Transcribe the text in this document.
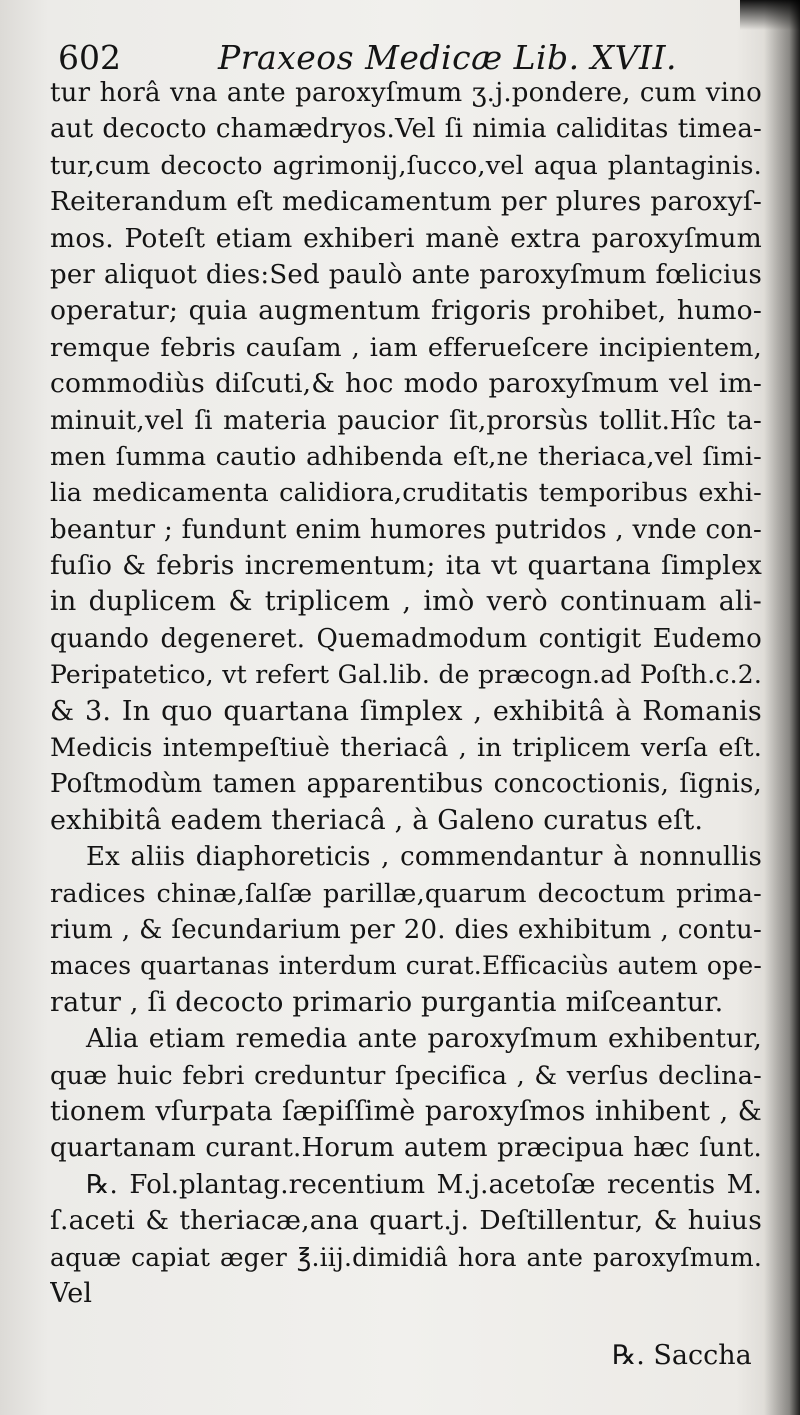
602	Praxeos Medicæ Lib. XVII.
tur horâ vna ante paroxyſmum ʒ.j.pondere, cum vino
aut decocto chamædryos.Vel ſi nimia caliditas timea-
tur,cum decocto agrimonij,ſucco,vel aqua plantaginis.
Reiterandum eſt medicamentum per plures paroxyſ-
mos. Poteſt etiam exhiberi manè extra paroxyſmum
per aliquot dies:Sed paulò ante paroxyſmum fœlicius
operatur; quia augmentum frigoris prohibet, humo-
remque febris cauſam , iam efferueſcere incipientem,
commodiùs diſcuti,& hoc modo paroxyſmum vel im-
minuit,vel ſi materia paucior ſit,prorsùs tollit.Hîc ta-
men ſumma cautio adhibenda eſt,ne theriaca,vel ſimi-
lia medicamenta calidiora,cruditatis temporibus exhi-
beantur ; fundunt enim humores putridos , vnde con-
fuſio & febris incrementum; ita vt quartana ſimplex
in duplicem & triplicem , imò verò continuam ali-
quando degeneret. Quemadmodum contigit Eudemo
Peripatetico, vt refert Gal.lib. de præcogn.ad Poſth.c.2.
& 3. In quo quartana ſimplex , exhibitâ à Romanis
Medicis intempeſtiuè theriacâ , in triplicem verſa eſt.
Poſtmodùm tamen apparentibus concoctionis, ſignis,
exhibitâ eadem theriacâ , à Galeno curatus eſt.
Ex aliis diaphoreticis , commendantur à nonnullis
radices chinæ,ſalſæ parillæ,quarum decoctum prima-
rium , & ſecundarium per 20. dies exhibitum , contu-
maces quartanas interdum curat.Efficaciùs autem ope-
ratur , ſi decocto primario purgantia miſceantur.
Alia etiam remedia ante paroxyſmum exhibentur,
quæ huic febri creduntur ſpecifica , & verſus declina-
tionem vſurpata ſæpiſſimè paroxyſmos inhibent , &
quartanam curant.Horum autem præcipua hæc ſunt.
℞. Fol.plantag.recentium M.j.acetoſæ recentis M.
ſ.aceti & theriacæ,ana quart.j. Deſtillentur, & huius
aquæ capiat æger ℥.iij.dimidiâ hora ante paroxyſmum.
Vel
℞. Saccha
